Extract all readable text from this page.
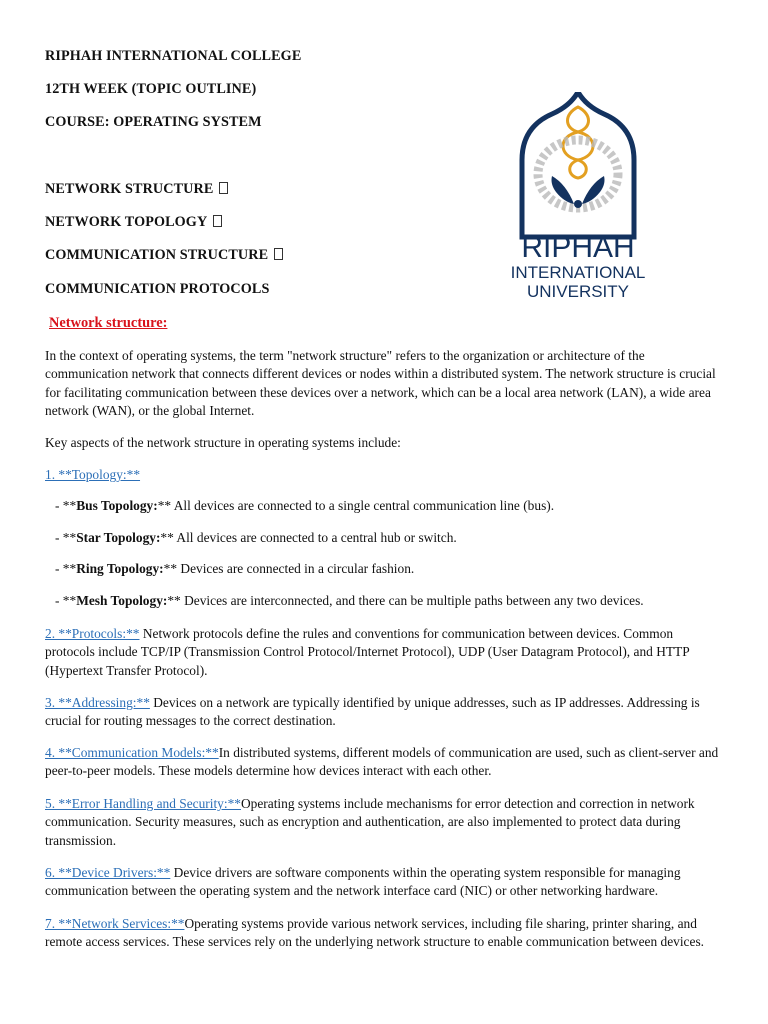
RIPHAH INTERNATIONAL COLLEGE
12TH WEEK (TOPIC OUTLINE)
COURSE: OPERATING SYSTEM
NETWORK STRUCTURE
NETWORK TOPOLOGY
COMMUNICATION STRUCTURE
COMMUNICATION PROTOCOLS
RIPHAH
INTERNATIONAL
UNIVERSITY
Network structure:
In the context of operating systems, the term "network structure" refers to the organization or architecture of the communication network that connects different devices or nodes within a distributed system. The network structure is crucial for facilitating communication between these devices over a network, which can be a local area network (LAN), a wide area network (WAN), or the global Internet.
Key aspects of the network structure in operating systems include:
1. **Topology:**
- **Bus Topology:** All devices are connected to a single central communication line (bus).
- **Star Topology:** All devices are connected to a central hub or switch.
- **Ring Topology:** Devices are connected in a circular fashion.
- **Mesh Topology:** Devices are interconnected, and there can be multiple paths between any two devices.
2. **Protocols:** Network protocols define the rules and conventions for communication between devices. Common protocols include TCP/IP (Transmission Control Protocol/Internet Protocol), UDP (User Datagram Protocol), and HTTP (Hypertext Transfer Protocol).
3. **Addressing:** Devices on a network are typically identified by unique addresses, such as IP addresses. Addressing is crucial for routing messages to the correct destination.
4. **Communication Models:**In distributed systems, different models of communication are used, such as client-server and peer-to-peer models. These models determine how devices interact with each other.
5. **Error Handling and Security:**Operating systems include mechanisms for error detection and correction in network communication. Security measures, such as encryption and authentication, are also implemented to protect data during transmission.
6. **Device Drivers:** Device drivers are software components within the operating system responsible for managing communication between the operating system and the network interface card (NIC) or other networking hardware.
7. **Network Services:**Operating systems provide various network services, including file sharing, printer sharing, and remote access services. These services rely on the underlying network structure to enable communication between devices.
